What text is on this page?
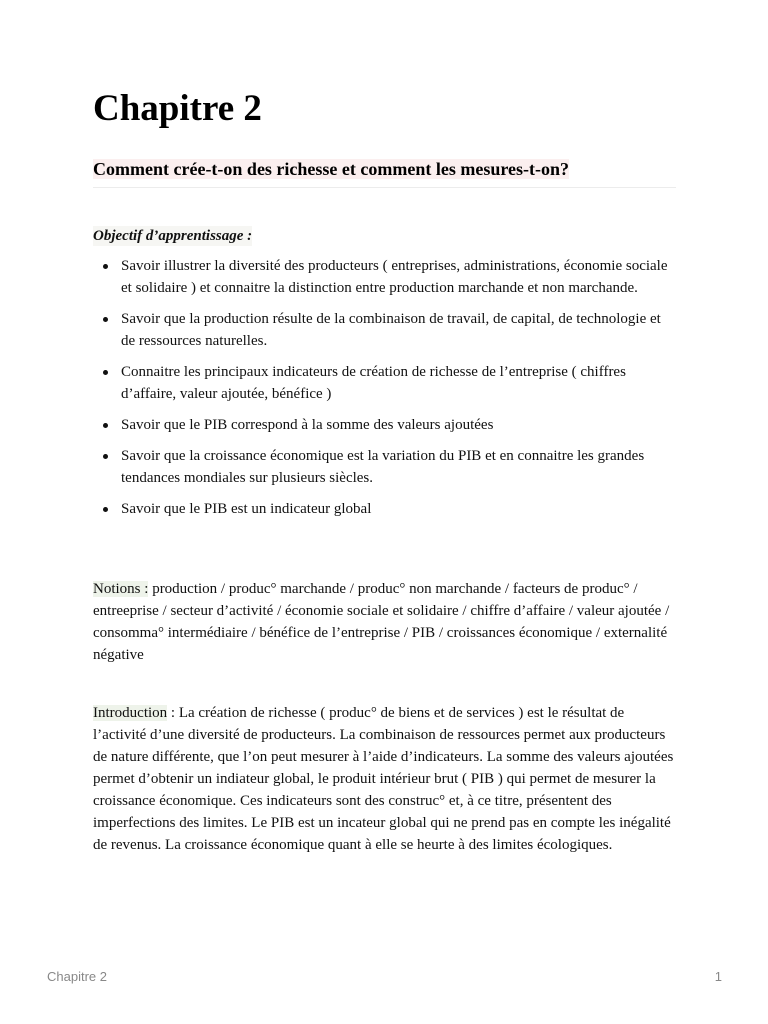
Chapitre 2
Comment crée-t-on des richesse et comment les mesures-t-on?
Objectif d’apprentissage :
Savoir illustrer la diversité des producteurs ( entreprises, administrations, économie sociale et solidaire ) et connaitre la distinction entre production marchande et non marchande.
Savoir que la production résulte de la combinaison de travail, de capital, de technologie et de ressources naturelles.
Connaitre les principaux indicateurs de création de richesse de l’entreprise ( chiffres d’affaire, valeur ajoutée, bénéfice )
Savoir que le PIB correspond à la somme des valeurs ajoutées
Savoir que la croissance économique est la variation du PIB et en connaitre les grandes tendances mondiales sur plusieurs siècles.
Savoir que le PIB est un indicateur global

Notions : production / produc° marchande / produc° non marchande / facteurs de produc° / entreeprise / secteur d’activité / économie sociale et solidaire / chiffre d’affaire / valeur ajoutée / consomma° intermédiaire / bénéfice de l’entreprise / PIB / croissances économique / externalité négative

Introduction : La création de richesse ( produc° de biens et de services ) est le résultat de l’activité d’une diversité de producteurs. La combinaison de ressources permet aux producteurs de nature différente, que l’on peut mesurer à l’aide d’indicateurs. La somme des valeurs ajoutées permet d’obtenir un indiateur global, le produit intérieur brut ( PIB ) qui permet de mesurer la croissance économique. Ces indicateurs sont des construc° et, à ce titre, présentent des imperfections des limites. Le PIB est un incateur global qui ne prend pas en compte les inégalité de revenus. La croissance économique quant à elle se heurte à des limites écologiques.

Chapitre 2	1
